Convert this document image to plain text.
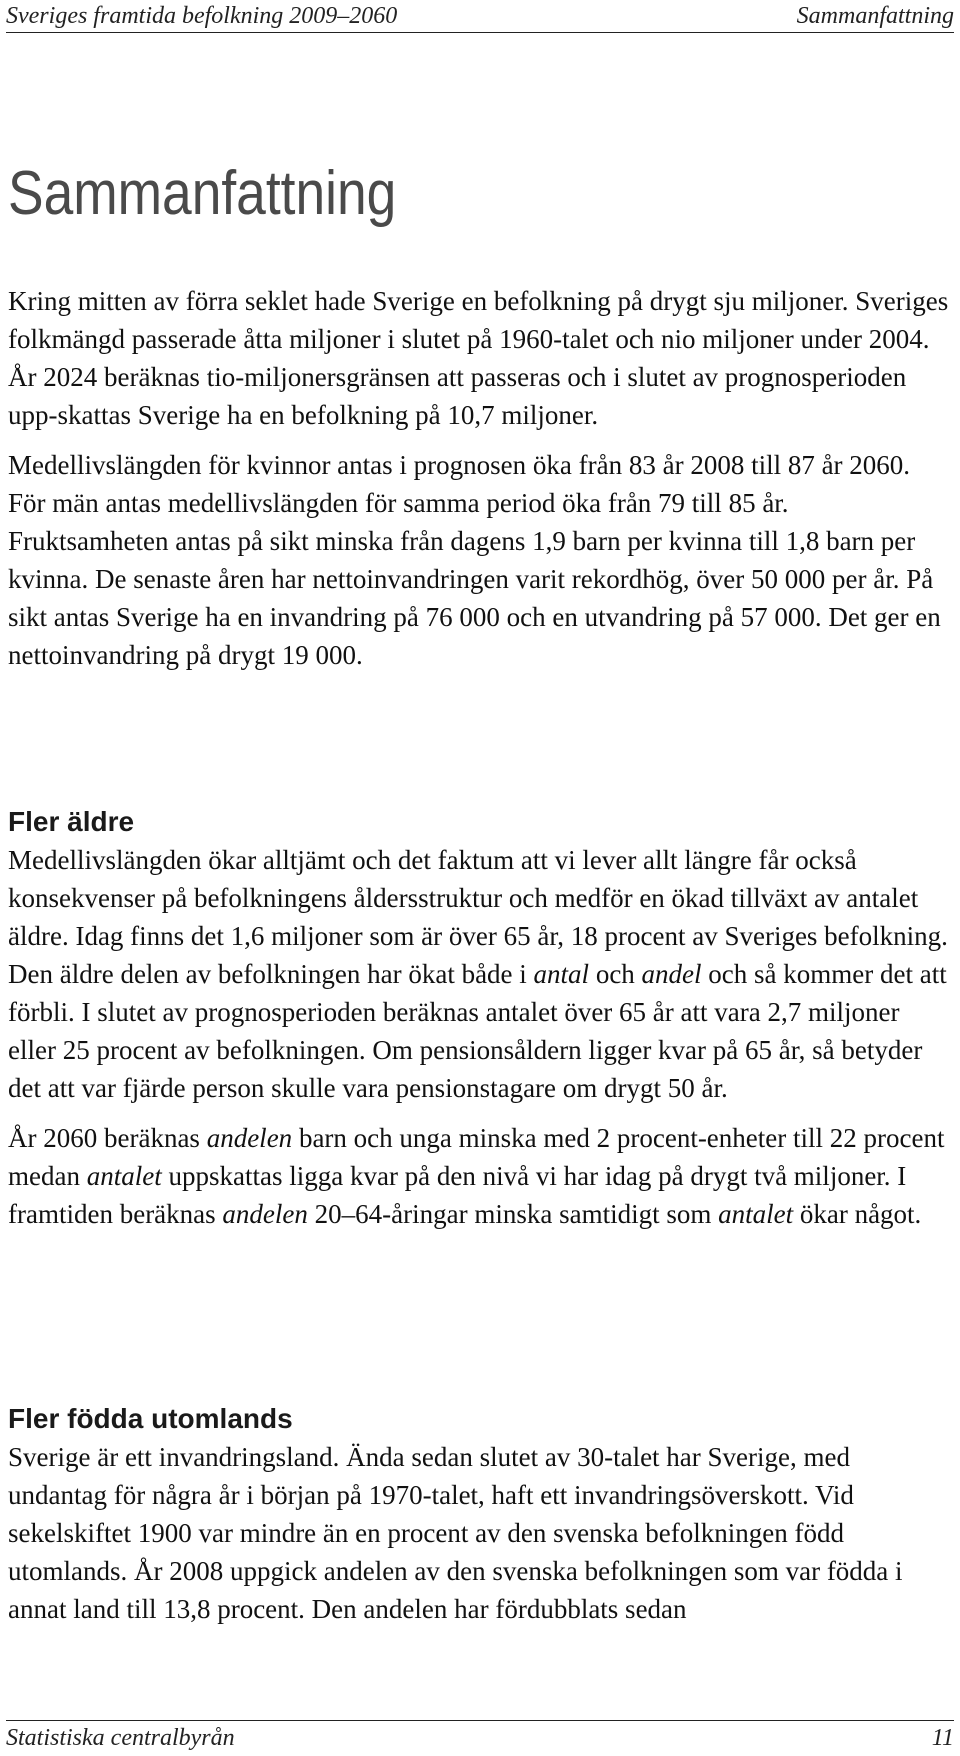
Sveriges framtida befolkning 2009–2060	Sammanfattning
Sammanfattning

Kring mitten av förra seklet hade Sverige en befolkning på drygt sju miljoner. Sveriges folkmängd passerade åtta miljoner i slutet på 1960-talet och nio miljoner under 2004. År 2024 beräknas tio-miljonersgränsen att passeras och i slutet av prognosperioden upp-skattas Sverige ha en befolkning på 10,7 miljoner.

Medellivslängden för kvinnor antas i prognosen öka från 83 år 2008 till 87 år 2060. För män antas medellivslängden för samma period öka från 79 till 85 år. Fruktsamheten antas på sikt minska från dagens 1,9 barn per kvinna till 1,8 barn per kvinna. De senaste åren har nettoinvandringen varit rekordhög, över 50 000 per år. På sikt antas Sverige ha en invandring på 76 000 och en utvandring på 57 000. Det ger en nettoinvandring på drygt 19 000.

Fler äldre

Medellivslängden ökar alltjämt och det faktum att vi lever allt längre får också konsekvenser på befolkningens åldersstruktur och medför en ökad tillväxt av antalet äldre. Idag finns det 1,6 miljoner som är över 65 år, 18 procent av Sveriges befolkning. Den äldre delen av befolkningen har ökat både i antal och andel och så kommer det att förbli. I slutet av prognosperioden beräknas antalet över 65 år att vara 2,7 miljoner eller 25 procent av befolkningen. Om pensionsåldern ligger kvar på 65 år, så betyder det att var fjärde person skulle vara pensionstagare om drygt 50 år.

År 2060 beräknas andelen barn och unga minska med 2 procent-enheter till 22 procent medan antalet uppskattas ligga kvar på den nivå vi har idag på drygt två miljoner. I framtiden beräknas andelen 20–64-åringar minska samtidigt som antalet ökar något.

Fler födda utomlands

Sverige är ett invandringsland. Ända sedan slutet av 30-talet har Sverige, med undantag för några år i början på 1970-talet, haft ett invandringsöverskott. Vid sekelskiftet 1900 var mindre än en procent av den svenska befolkningen född utomlands. År 2008 uppgick andelen av den svenska befolkningen som var födda i annat land till 13,8 procent. Den andelen har fördubblats sedan

Statistiska centralbyrån	11
